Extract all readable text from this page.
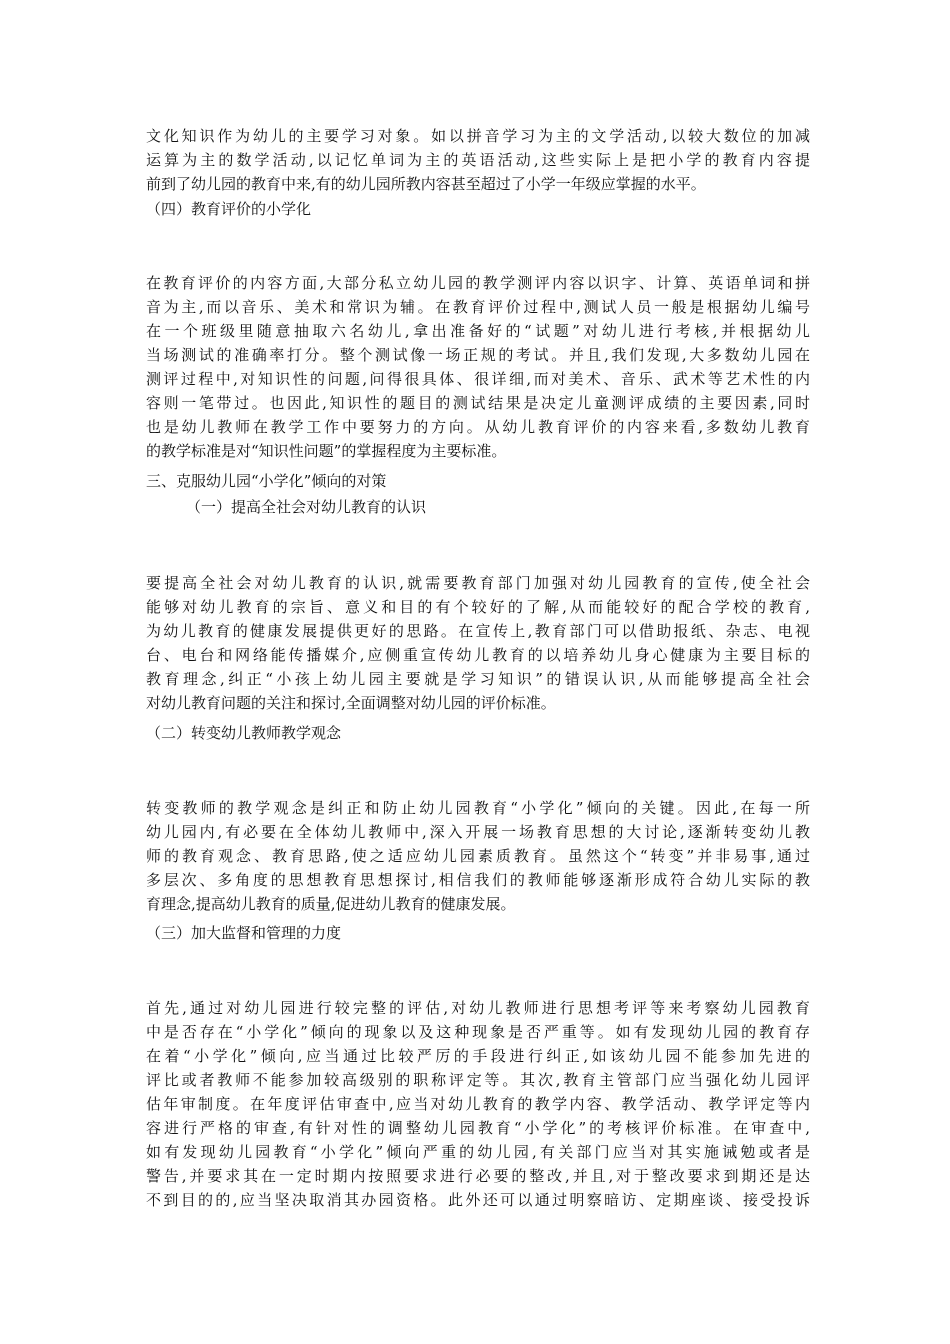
文化知识作为幼儿的主要学习对象。如以拼音学习为主的文学活动,以较大数位的加减
运算为主的数学活动,以记忆单词为主的英语活动,这些实际上是把小学的教育内容提
前到了幼儿园的教育中来,有的幼儿园所教内容甚至超过了小学一年级应掌握的水平。
（四）教育评价的小学化
在教育评价的内容方面,大部分私立幼儿园的教学测评内容以识字、计算、英语单词和拼
音为主,而以音乐、美术和常识为辅。在教育评价过程中,测试人员一般是根据幼儿编号
在一个班级里随意抽取六名幼儿,拿出准备好的“试题”对幼儿进行考核,并根据幼儿
当场测试的准确率打分。整个测试像一场正规的考试。并且,我们发现,大多数幼儿园在
测评过程中,对知识性的问题,问得很具体、很详细,而对美术、音乐、武术等艺术性的内
容则一笔带过。也因此,知识性的题目的测试结果是决定儿童测评成绩的主要因素,同时
也是幼儿教师在教学工作中要努力的方向。从幼儿教育评价的内容来看,多数幼儿教育
的教学标准是对“知识性问题”的掌握程度为主要标准。
三、克服幼儿园“小学化”倾向的对策
（一）提高全社会对幼儿教育的认识
要提高全社会对幼儿教育的认识,就需要教育部门加强对幼儿园教育的宣传,使全社会
能够对幼儿教育的宗旨、意义和目的有个较好的了解,从而能较好的配合学校的教育,
为幼儿教育的健康发展提供更好的思路。在宣传上,教育部门可以借助报纸、杂志、电视
台、电台和网络能传播媒介,应侧重宣传幼儿教育的以培养幼儿身心健康为主要目标的
教育理念,纠正“小孩上幼儿园主要就是学习知识”的错误认识,从而能够提高全社会
对幼儿教育问题的关注和探讨,全面调整对幼儿园的评价标准。
（二）转变幼儿教师教学观念
转变教师的教学观念是纠正和防止幼儿园教育“小学化”倾向的关键。因此,在每一所
幼儿园内,有必要在全体幼儿教师中,深入开展一场教育思想的大讨论,逐渐转变幼儿教
师的教育观念、教育思路,使之适应幼儿园素质教育。虽然这个“转变”并非易事,通过
多层次、多角度的思想教育思想探讨,相信我们的教师能够逐渐形成符合幼儿实际的教
育理念,提高幼儿教育的质量,促进幼儿教育的健康发展。
（三）加大监督和管理的力度
首先,通过对幼儿园进行较完整的评估,对幼儿教师进行思想考评等来考察幼儿园教育
中是否存在“小学化”倾向的现象以及这种现象是否严重等。如有发现幼儿园的教育存
在着“小学化”倾向,应当通过比较严厉的手段进行纠正,如该幼儿园不能参加先进的
评比或者教师不能参加较高级别的职称评定等。其次,教育主管部门应当强化幼儿园评
估年审制度。在年度评估审查中,应当对幼儿教育的教学内容、教学活动、教学评定等内
容进行严格的审查,有针对性的调整幼儿园教育“小学化”的考核评价标准。在审查中,
如有发现幼儿园教育“小学化”倾向严重的幼儿园,有关部门应当对其实施诫勉或者是
警告,并要求其在一定时期内按照要求进行必要的整改,并且,对于整改要求到期还是达
不到目的的,应当坚决取消其办园资格。此外还可以通过明察暗访、定期座谈、接受投诉
